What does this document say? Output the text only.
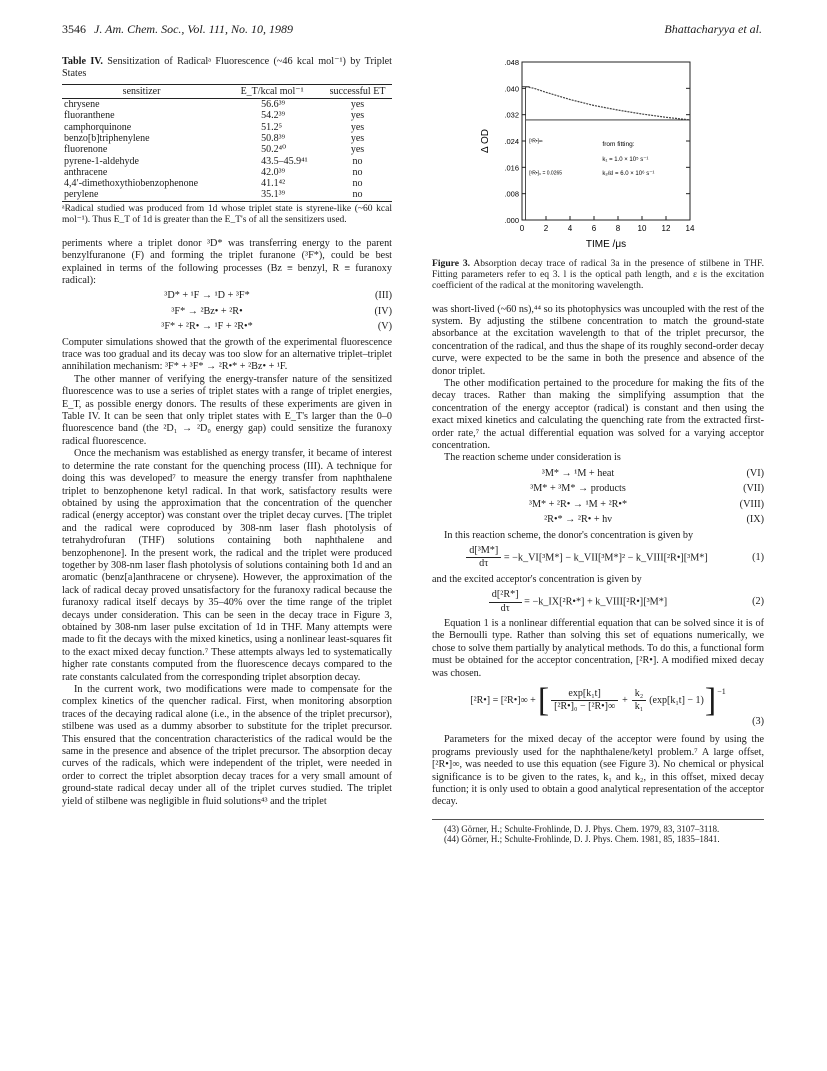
3546 J. Am. Chem. Soc., Vol. 111, No. 10, 1989	Bhattacharyya et al.
Table IV. Sensitization of Radicalᵃ Fluorescence (~46 kcal mol⁻¹) by Triplet States
sensitizer	E_T/kcal mol⁻¹	successful ET
chrysene	56.6³⁹	yes
fluoranthene	54.2³⁹	yes
camphorquinone	51.2⁵	yes
benzo[b]triphenylene	50.8³⁹	yes
fluorenone	50.2⁴⁰	yes
pyrene-1-aldehyde	43.5–45.9⁴¹	no
anthracene	42.0³⁹	no
4,4′-dimethoxythiobenzophenone	41.1⁴²	no
perylene	35.1³⁹	no
ᵃRadical studied was produced from 1d whose triplet state is styrene-like (~60 kcal mol⁻¹). Thus E_T of 1d is greater than the E_T's of all the sensitizers used.

periments where a triplet donor ³D* was transferring energy to the parent benzylfuranone (F) and forming the triplet furanone (³F*), could be best explained in terms of the following processes (Bz ≡ benzyl, R ≡ furanoxy radical):

³D* + ¹F → ¹D + ³F*	(III)
³F* → ²Bz• + ²R•	(IV)
³F* + ²R• → ¹F + ²R•*	(V)

Computer simulations showed that the growth of the experimental fluorescence trace was too gradual and its decay was too slow for an alternative triplet–triplet annihilation mechanism: ³F* + ³F* → ²R•* + ²Bz• + ¹F.

The other manner of verifying the energy-transfer nature of the sensitized fluorescence was to use a series of triplet states with a range of triplet energies, E_T, as possible energy donors. The results of these experiments are given in Table IV. It can be seen that only triplet states with E_T's larger than the 0–0 fluorescence band (the ²D₁ → ²D₀ energy gap) could sensitize the furanoxy radical fluorescence.

Once the mechanism was established as energy transfer, it became of interest to determine the rate constant for the quenching process (III). A technique for doing this was developed⁷ to measure the energy transfer from naphthalene triplet to benzophenone ketyl radical. In that work, satisfactory results were obtained by using the approximation that the concentration of the quencher radical (energy acceptor) was constant over the triplet decay curves. [The triplet and the radical were coproduced by 308-nm laser flash photolysis of tetrahydrofuran (THF) solutions containing both naphthalene and benzophenone]. In the present work, the radical and the triplet were produced together by 308-nm laser flash photolysis of solutions containing both 1d and an aromatic (benz[a]anthracene or chrysene). However, the approximation of the lack of radical decay proved unsatisfactory for the furanoxy radical because the furanoxy radical itself decays by 35–40% over the time range of the triplet decays under consideration. This can be seen in the decay trace in Figure 3, obtained by 308-nm laser pulse excitation of 1d in THF. Many attempts were made to fit the decays with the mixed kinetics, using a nonlinear least-squares fit to the exact mixed decay function.⁷ These attempts always led to systematically higher rate constants computed from the fluorescence decays compared to the rate constants calculated from the corresponding triplet absorption decay.

In the current work, two modifications were made to compensate for the complex kinetics of the quencher radical. First, when monitoring absorption traces of the decaying radical alone (i.e., in the absence of the triplet precursor), stilbene was used as a dummy absorber to substitute for the triplet precursor. This ensured that the concentration characteristics of the radical would be the same in the presence and absence of the triplet precursor. The absorption decay curves of the radicals, which were independent of the triplet, were needed in order to correct the triplet absorption decay traces for a very small amount of ground-state radical decay under all of the triplet curves studied. The triplet yield of stilbene was negligible in fluid solutions⁴³ and the triplet

.000
.008
.016
.024
.032
.040
.048
0 2 4 6 8 10 12 14
TIME /μs
Δ OD	from fitting:
k₁ = 1.0 × 10⁵ s⁻¹
k₂/εl = 6.0 × 10⁶ s⁻¹
[²R•]∞
[²R•]₀ = 0.0265
Figure 3. Absorption decay trace of radical 3a in the presence of stilbene in THF. Fitting parameters refer to eq 3. l is the optical path length, and ε is the excitation coefficient of the radical at the monitoring wavelength.

was short-lived (~60 ns),⁴⁴ so its photophysics was uncoupled with the rest of the system. By adjusting the stilbene concentration to match the ground-state absorbance at the excitation wavelength to that of the triplet precursor, the concentration of the radical, and thus the shape of its roughly second-order decay curve, were expected to be the same in both the presence and absence of the donor triplet.

The other modification pertained to the procedure for making the fits of the decay traces. Rather than making the simplifying assumption that the concentration of the energy acceptor (radical) is constant and then using the exact mixed kinetics and calculating the quenching rate from the extracted first-order rate,⁷ the actual differential equation was solved for a varying acceptor concentration.

The reaction scheme under consideration is

³M* → ¹M + heat	(VI)
³M* + ³M* → products	(VII)
³M* + ²R• → ¹M + ²R•*	(VIII)
²R•* → ²R• + hν	(IX)

In this reaction scheme, the donor's concentration is given by

$\frac{\text{d[³M*]}}{d\tau}$ = −k_VI[³M*] − k_VII[³M*]² − k_VIII[²R•][³M*]	(1)

and the excited acceptor's concentration is given by

$\frac{\text{d[²R*]}}{d\tau}$ = −k_IX[²R•*] + k_VIII[²R•][³M*]	(2)

Equation 1 is a nonlinear differential equation that can be solved since it is of the Bernoulli type. Rather than solving this set of equations numerically, we chose to solve them partially by analytical methods. To do this, a functional form must be obtained for the acceptor concentration, [²R•]. A modified mixed decay was chosen.

[²R•] = [²R•]∞ + [ $\frac{\text{exp[k₁t]}}{\text{[²R•]₀ − [²R•]∞}} + \frac{\text{k₂}}{\text{k₁}} (\exp[k_1t] - 1)$ ] −1
(3)

Parameters for the mixed decay of the acceptor were found by using the programs previously used for the naphthalene/ketyl problem.⁷ A large offset, [²R•]∞, was needed to use this equation (see Figure 3). No chemical or physical significance is to be given to the rates, k₁ and k₂, in this offset, mixed decay function; it is only used to obtain a good analytical representation of the acceptor decay.

(43) Görner, H.; Schulte-Frohlinde, D. J. Phys. Chem. 1979, 83, 3107–3118.

(44) Görner, H.; Schulte-Frohlinde, D. J. Phys. Chem. 1981, 85, 1835–1841.
